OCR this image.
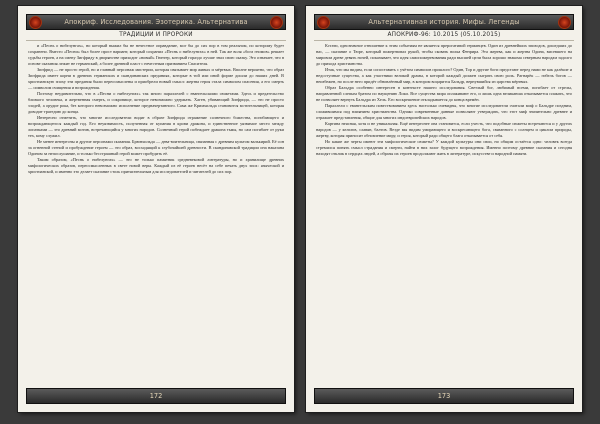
Апокриф. Исследования. Эзотерика. Альтернатива
ТРАДИЦИИ И ПРОРОКИ

и «Песнь о нибелунгах», но который выжил бы не нечестное оправдание, мог бы до сих пор в том реальном, по которому будет сохранено. Вместо «Песни» был более прост вариант, который сохранил «Песнь о нибелунгах» в ней. Так же воля «бога гномов» решает судьбы героев, а на смену Зигфриду в дворянстве приходит «новый» Гюнтер, который гораздо лучше знал свою сказку. Это означает, что в основе сказания лежит не германский, а более древний пласт с нечестным призванием Спасителя.

Зигфрид — не просто герой, но и главный персонаж мистерии, которая связывает мир живых и мёртвых. Вполне вероятно, что образ Зигфрида имеет корни в древних германских и скандинавских преданиях, которые в той или иной форме дошли до наших дней. В христианскую эпоху эти предания были переосмыслены и приобрели новый смысл: жертва героя стала символом спасения, а его смерть — символом очищения и возрождения.

Поэтому неудивительно, что в «Песни о нибелунгах» так много параллелей с евангельскими сюжетами. Здесь и предательство близкого человека, и жертвенная смерть, и сокровище, которое невозможно удержать. Хаген, убивающий Зигфрида, — это не просто злодей, а орудие рока, без которого невозможно исполнение предначертанного. Сама же Кримхильда становится мстительницей, которая доводит трагедию до конца.

Интересно отметить, что многие исследователи видят в образе Зигфрида отражение солнечного божества, погибающего и возрождающегося каждый год. Его неуязвимость, полученная от купания в крови дракона, и единственное уязвимое место между лопатками — это древний мотив, встречающийся у многих народов. Солнечный герой побеждает дракона тьмы, но сам погибает от руки тех, кому служил.

Не менее интересны и другие персонажи сказания. Брюнхильда — дева-воительница, связанная с древним культом валькирий. Её сон за огненной стеной и пробуждение героем — это образ, восходящий к глубочайшей древности. В скандинавской традиции она наказана Одином за непослушание, и только бесстрашный герой может пробудить её.

Таким образом, «Песнь о нибелунгах» — это не только памятник средневековой литературы, но и хранилище древних мифологических образов, переосмысленных в свете новой веры. Каждый из её героев несёт на себе печать двух эпох: языческой и христианской, и именно это делает сказание столь притягательным для исследователей и читателей до сих пор.

172
Альтернативная история. Мифы. Легенды
АПОКРИФ-96: 10.2015 (05.10.2015)

Кстати, однозначное отношение к этим событиям не является прерогативой германцев. Один из древнейших эпизодов, дошедших до нас, — сказание о Тюре, который пожертвовал рукой, чтобы сковать волка Фенрира. Эта жертва, как и жертва Одина, висевшего на мировом древе девять ночей, показывает, что идея самопожертвования ради высшей цели была хорошо знакома северным народам задолго до прихода христианства.

Итак, что мы видим, если сопоставить с учётом символов прошлого? Один, Тор и другие боги предстают перед нами не как далёкие и недоступные существа, а как участники великой драмы, в которой каждый должен сыграть свою роль. Рагнарёк — гибель богов — неизбежен, но после него придёт обновлённый мир, в котором воцарится Бальдр, вернувшийся из царства мёртвых.

Образ Бальдра особенно интересен в контексте нашего исследования. Светлый бог, любимый всеми, погибает от стрелы, направленной слепым братом по наущению Локи. Все существа мира оплакивают его, и лишь одна великанша отказывается плакать, что не позволяет вернуть Бальдра из Хель. Его воскрешение откладывается до конца времён.

Параллели с евангельским повествованием здесь настолько очевидны, что многие исследователи считали миф о Бальдре поздним, сложившимся под влиянием христианства. Однако современные данные позволяют утверждать, что этот миф значительно древнее и отражает представления, общие для многих индоевропейских народов.

Картина неясная, хотя и не уникальная. Ещё интереснее она становится, если учесть, что подобные сюжеты встречаются и у других народов — у кельтов, славян, балтов. Везде мы видим умирающего и воскресающего бога, связанного с солнцем и циклом природы, жертву, которая приносит обновление миру, и героя, который ради общего блага отказывается от себя.

Но какие же черты имеют эти мифологические сюжеты? У каждой культуры они свои, но общим остаётся одно: человек всегда стремился понять смысл страдания и смерти, найти в них залог будущего возрождения. Именно поэтому древние сказания и сегодня находят отклик в сердцах людей, а образы их героев продолжают жить в литературе, искусстве и народной памяти.

173
